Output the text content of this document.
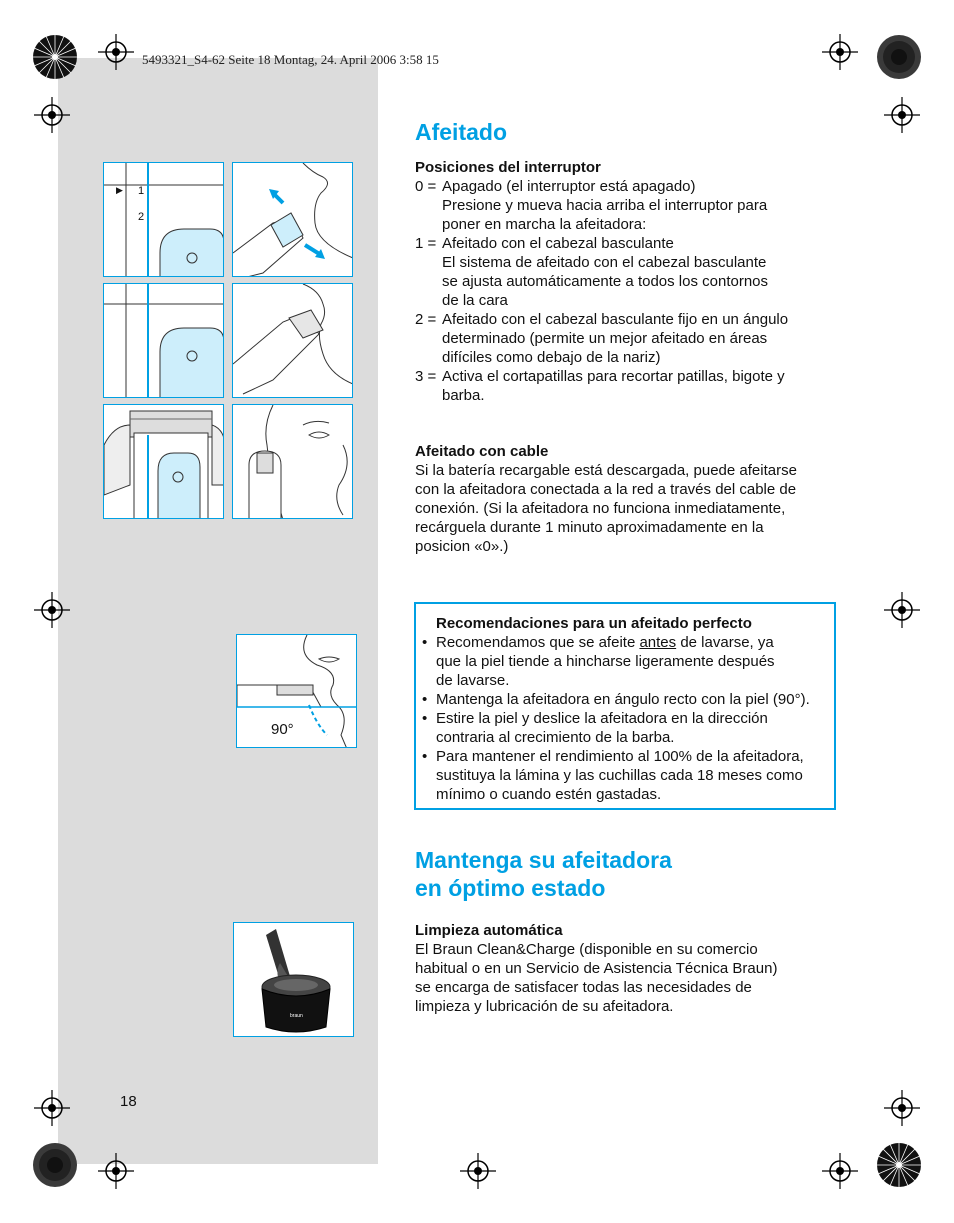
5493321_S4-62 Seite 18 Montag, 24. April 2006 3:58 15
1
2
▶
90°
braun
Afeitado
Posiciones del interruptor
0 = Apagado (el interruptor está apagado)
Presione y mueva hacia arriba el interruptor para
poner en marcha la afeitadora:
1 = Afeitado con el cabezal basculante
El sistema de afeitado con el cabezal basculante
se ajusta automáticamente a todos los contornos
de la cara
2 = Afeitado con el cabezal basculante fijo en un ángulo
determinado (permite un mejor afeitado en áreas
difíciles como debajo de la nariz)
3 = Activa el cortapatillas para recortar patillas, bigote y
barba.
Afeitado con cable
Si la batería recargable está descargada, puede afeitarse
con la afeitadora conectada a la red a través del cable de
conexión. (Si la afeitadora no funciona inmediatamente,
recárguela durante 1 minuto aproximadamente en la
posicion «0».)
Recomendaciones para un afeitado perfecto
• Recomendamos que se afeite antes de lavarse, ya
que la piel tiende a hincharse ligeramente después
de lavarse.
• Mantenga la afeitadora en ángulo recto con la piel (90°).
• Estire la piel y deslice la afeitadora en la dirección
contraria al crecimiento de la barba.
• Para mantener el rendimiento al 100% de la afeitadora,
sustituya la lámina y las cuchillas cada 18 meses como
mínimo o cuando estén gastadas.
Mantenga su afeitadora
en óptimo estado
Limpieza automática
El Braun Clean&Charge (disponible en su comercio
habitual o en un Servicio de Asistencia Técnica Braun)
se encarga de satisfacer todas las necesidades de
limpieza y lubricación de su afeitadora.
18
